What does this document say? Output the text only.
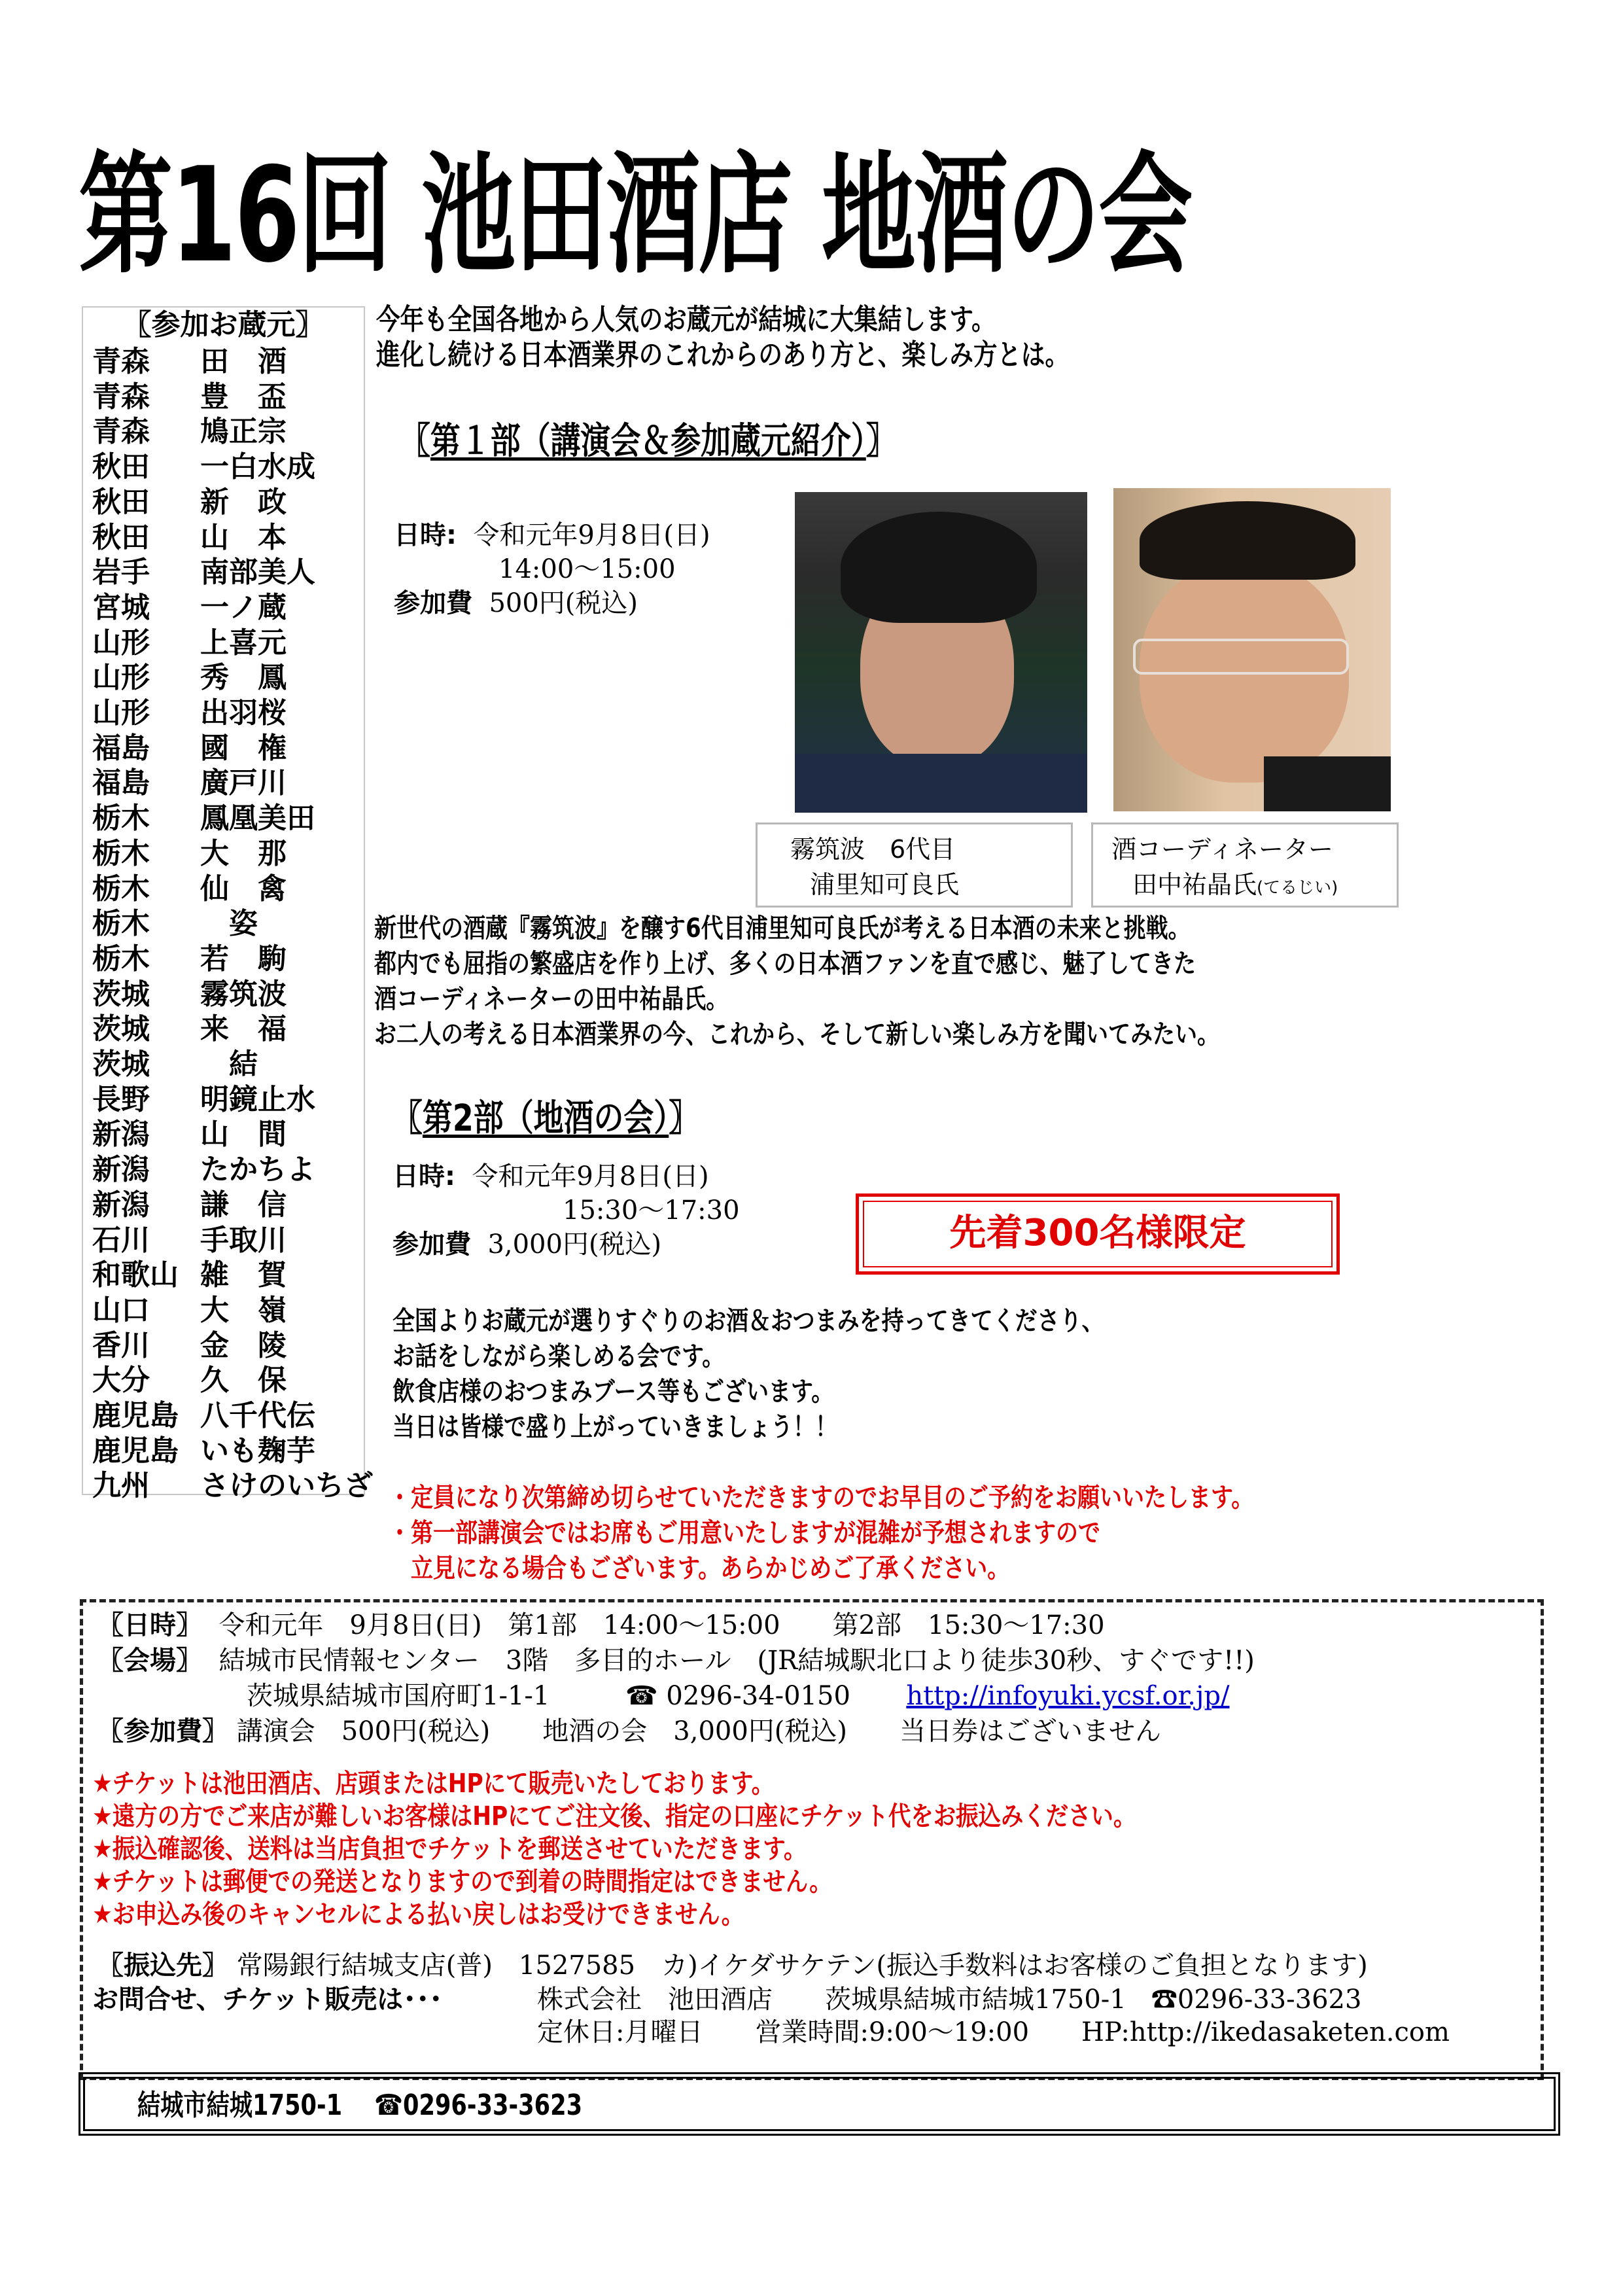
第16回 池田酒店 地酒の会
〖参加お蔵元〗
青森 田　酒
青森 豊　盃
青森 鳩正宗
秋田 一白水成
秋田 新　政
秋田 山　本
岩手 南部美人
宮城 一ノ蔵
山形 上喜元
山形 秀　鳳
山形 出羽桜
福島 國　権
福島 廣戸川
栃木 鳳凰美田
栃木 大　那
栃木 仙　禽
栃木　姿
栃木 若　駒
茨城 霧筑波
茨城 来　福
茨城　結
長野 明鏡止水
新潟 山　間
新潟 たかちよ
新潟 謙　信
石川 手取川
和歌山 雑　賀
山口 大　嶺
香川 金　陵
大分 久　保
鹿児島 八千代伝
鹿児島 いも麹芋
九州 さけのいちざ
今年も全国各地から人気のお蔵元が結城に大集結します。
進化し続ける日本酒業界のこれからのあり方と、楽しみ方とは。
〖第１部（講演会＆参加蔵元紹介）〗
日時: 令和元年9月8日(日)
14:00～15:00
参加費 500円(税込)
霧筑波　6代目
浦里知可良氏
酒コーディネーター
田中祐晶氏(てるじい)
新世代の酒蔵『霧筑波』を醸す6代目浦里知可良氏が考える日本酒の未来と挑戦。
都内でも屈指の繁盛店を作り上げ、多くの日本酒ファンを直で感じ、魅了してきた
酒コーディネーターの田中祐晶氏。
お二人の考える日本酒業界の今、これから、そして新しい楽しみ方を聞いてみたい。
〖第2部（地酒の会）〗
日時: 令和元年9月8日(日)
15:30～17:30
参加費 3,000円(税込)	先着300名様限定
全国よりお蔵元が選りすぐりのお酒＆おつまみを持ってきてくださり、
お話をしながら楽しめる会です。
飲食店様のおつまみブース等もございます。
当日は皆様で盛り上がっていきましょう！！
・定員になり次第締め切らせていただきますのでお早目のご予約をお願いいたします。
・第一部講演会ではお席もご用意いたしますが混雑が予想されますので
　立見になる場合もございます。あらかじめご了承ください。
〖日時〗 令和元年　9月8日(日)　第1部　14:00～15:00　　第2部　15:30～17:30
〖会場〗 結城市民情報センター　3階　多目的ホール　(JR結城駅北口より徒歩30秒、すぐです!!)
茨城県結城市国府町1-1-1	☎ 0296-34-0150 http://infoyuki.ycsf.or.jp/
〖参加費〗 講演会　500円(税込)　　地酒の会　3,000円(税込)　　当日券はございません
★チケットは池田酒店、店頭またはHPにて販売いたしております。
★遠方の方でご来店が難しいお客様はHPにてご注文後、指定の口座にチケット代をお振込みください。
★振込確認後、送料は当店負担でチケットを郵送させていただきます。
★チケットは郵便での発送となりますので到着の時間指定はできません。
★お申込み後のキャンセルによる払い戻しはお受けできません。
〖振込先〗 常陽銀行結城支店(普)　1527585　カ)イケダサケテン(振込手数料はお客様のご負担となります)
お問合せ、チケット販売は･･･	株式会社　池田酒店　　茨城県結城市結城1750-1 ☎0296-33-3623
定休日:月曜日　　営業時間:9:00～19:00　　HP:http://ikedasaketen.com
結城市結城1750-1 ☎0296-33-3623
